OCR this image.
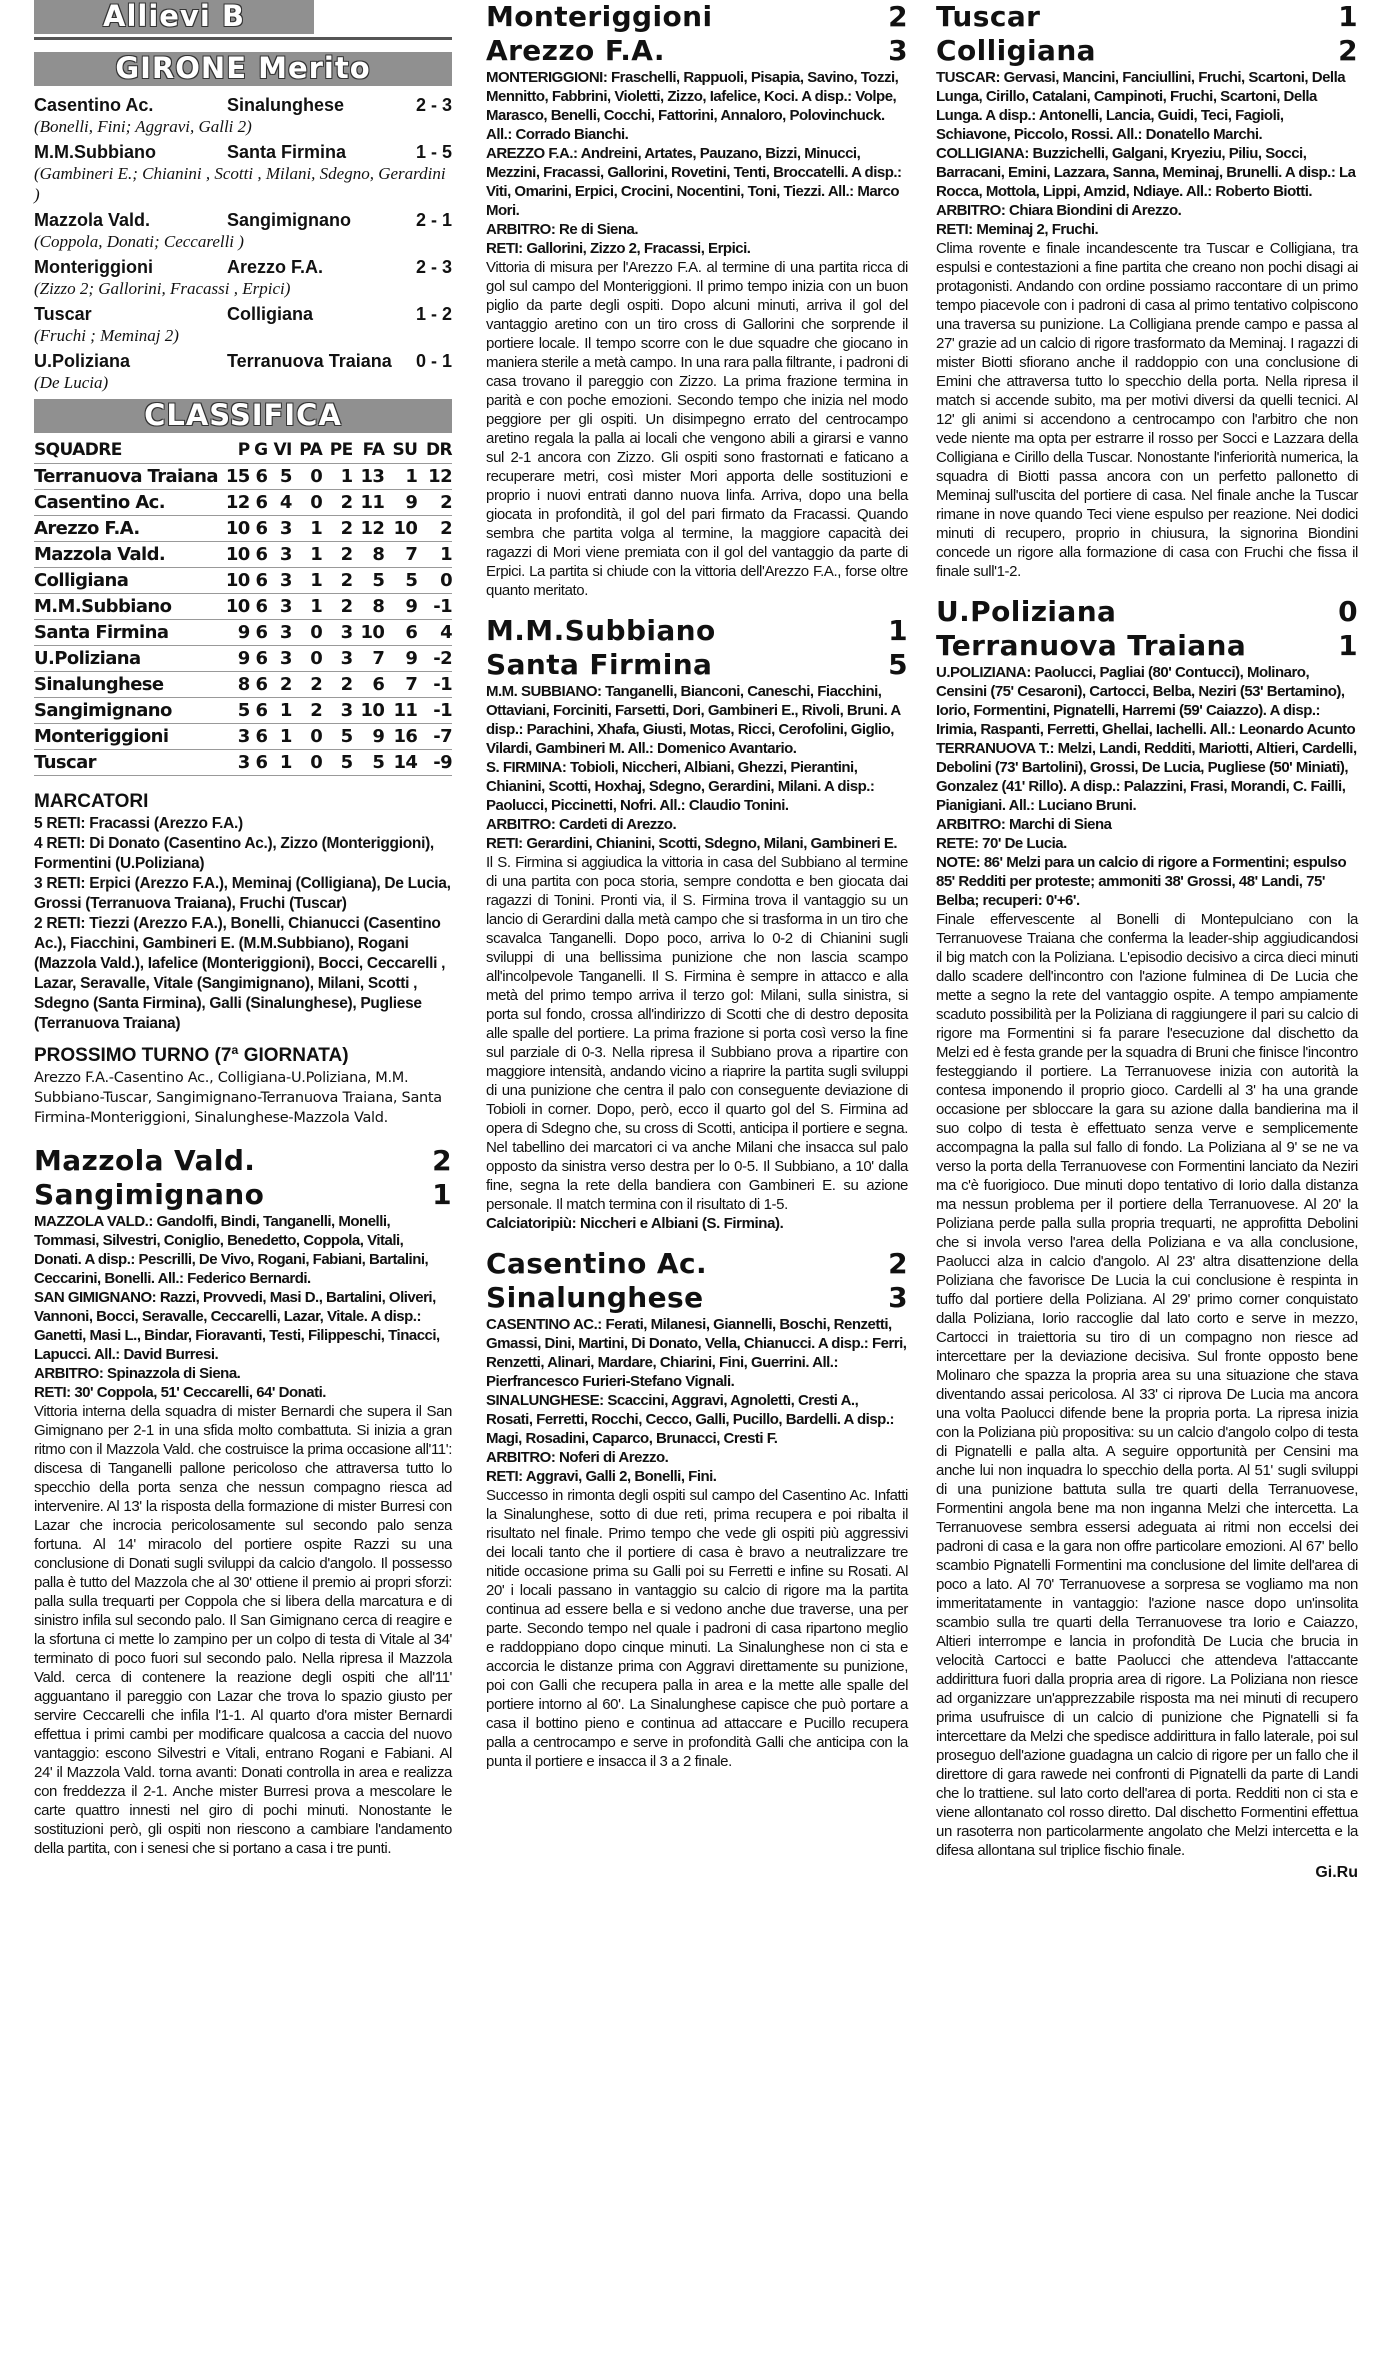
Allievi B
GIRONE Merito
Casentino Ac.	Sinalunghese	2 - 3
(Bonelli, Fini; Aggravi, Galli 2)
M.M.Subbiano	Santa Firmina	1 - 5
(Gambineri E.; Chianini , Scotti , Milani, Sdegno, Gerardini )
Mazzola Vald.	Sangimignano	2 - 1
(Coppola, Donati; Ceccarelli )
Monteriggioni	Arezzo F.A.	2 - 3
(Zizzo 2; Gallorini, Fracassi , Erpici)
Tuscar	Colligiana	1 - 2
(Fruchi ; Meminaj 2)
U.Poliziana	Terranuova Traiana	0 - 1
(De Lucia)
CLASSIFICA
SQUADRE	P	G	VI	PA	PE	FA	SU	DR
Terranuova Traiana	15	6	5	0	1	13	1	12
Casentino Ac.	12	6	4	0	2	11	9	2
Arezzo F.A.	10	6	3	1	2	12	10	2
Mazzola Vald.	10	6	3	1	2	8	7	1
Colligiana	10	6	3	1	2	5	5	0
M.M.Subbiano	10	6	3	1	2	8	9	-1
Santa Firmina	9	6	3	0	3	10	6	4
U.Poliziana	9	6	3	0	3	7	9	-2
Sinalunghese	8	6	2	2	2	6	7	-1
Sangimignano	5	6	1	2	3	10	11	-1
Monteriggioni	3	6	1	0	5	9	16	-7
Tuscar	3	6	1	0	5	5	14	-9
MARCATORI
5 RETI: Fracassi (Arezzo F.A.)
4 RETI: Di Donato (Casentino Ac.), Zizzo (Monteriggioni), Formentini (U.Poliziana)
3 RETI: Erpici (Arezzo F.A.), Meminaj (Colligiana), De Lucia, Grossi (Terranuova Traiana), Fruchi (Tuscar)
2 RETI: Tiezzi (Arezzo F.A.), Bonelli, Chianucci (Casentino Ac.), Fiacchini, Gambineri E. (M.M.Subbiano), Rogani (Mazzola Vald.), Iafelice (Monteriggioni), Bocci, Ceccarelli , Lazar, Seravalle, Vitale (Sangimignano), Milani, Scotti , Sdegno (Santa Firmina), Galli (Sinalunghese), Pugliese (Terranuova Traiana)
PROSSIMO TURNO (7ª GIORNATA)
Arezzo F.A.-Casentino Ac., Colligiana-U.Poliziana, M.M. Subbiano-Tuscar, Sangimignano-Terranuova Traiana, Santa Firmina-Monteriggioni, Sinalunghese-Mazzola Vald.
Mazzola Vald.	2
Sangimignano	1
MAZZOLA VALD.: Gandolfi, Bindi, Tanganelli, Monelli, Tommasi, Silvestri, Coniglio, Benedetto, Coppola, Vitali, Donati. A disp.: Pescrilli, De Vivo, Rogani, Fabiani, Bartalini, Ceccarini, Bonelli. All.: Federico Bernardi.
SAN GIMIGNANO: Razzi, Provvedi, Masi D., Bartalini, Oliveri, Vannoni, Bocci, Seravalle, Ceccarelli, Lazar, Vitale. A disp.: Ganetti, Masi L., Bindar, Fioravanti, Testi, Filippeschi, Tinacci, Lapucci. All.: David Burresi.
ARBITRO: Spinazzola di Siena.
RETI: 30' Coppola, 51' Ceccarelli, 64' Donati.
Vittoria interna della squadra di mister Bernardi che supera il San Gimignano per 2-1 in una sfida molto combattuta. Si inizia a gran ritmo con il Mazzola Vald. che costruisce la prima occasione all'11': discesa di Tanganelli pallone pericoloso che attraversa tutto lo specchio della porta senza che nessun compagno riesca ad intervenire. Al 13' la risposta della formazione di mister Burresi con Lazar che incrocia pericolosamente sul secondo palo senza fortuna. Al 14' miracolo del portiere ospite Razzi su una conclusione di Donati sugli sviluppi da calcio d'angolo. Il possesso palla è tutto del Mazzola che al 30' ottiene il premio ai propri sforzi: palla sulla trequarti per Coppola che si libera della marcatura e di sinistro infila sul secondo palo. Il San Gimignano cerca di reagire e la sfortuna ci mette lo zampino per un colpo di testa di Vitale al 34' terminato di poco fuori sul secondo palo. Nella ripresa il Mazzola Vald. cerca di contenere la reazione degli ospiti che all'11' agguantano il pareggio con Lazar che trova lo spazio giusto per servire Ceccarelli che infila l'1-1. Al quarto d'ora mister Bernardi effettua i primi cambi per modificare qualcosa a caccia del nuovo vantaggio: escono Silvestri e Vitali, entrano Rogani e Fabiani. Al 24' il Mazzola Vald. torna avanti: Donati controlla in area e realizza con freddezza il 2-1. Anche mister Burresi prova a mescolare le carte quattro innesti nel giro di pochi minuti. Nonostante le sostituzioni però, gli ospiti non riescono a cambiare l'andamento della partita, con i senesi che si portano a casa i tre punti.
Monteriggioni	2
Arezzo F.A.	3
MONTERIGGIONI: Fraschelli, Rappuoli, Pisapia, Savino, Tozzi, Mennitto, Fabbrini, Violetti, Zizzo, Iafelice, Koci. A disp.: Volpe, Marasco, Benelli, Cocchi, Fattorini, Annaloro, Polovinchuck. All.: Corrado Bianchi.
AREZZO F.A.: Andreini, Artates, Pauzano, Bizzi, Minucci, Mezzini, Fracassi, Gallorini, Rovetini, Tenti, Broccatelli. A disp.: Viti, Omarini, Erpici, Crocini, Nocentini, Toni, Tiezzi. All.: Marco Mori.
ARBITRO: Re di Siena.
RETI: Gallorini, Zizzo 2, Fracassi, Erpici.
Vittoria di misura per l'Arezzo F.A. al termine di una partita ricca di gol sul campo del Monteriggioni. Il primo tempo inizia con un buon piglio da parte degli ospiti. Dopo alcuni minuti, arriva il gol del vantaggio aretino con un tiro cross di Gallorini che sorprende il portiere locale. Il tempo scorre con le due squadre che giocano in maniera sterile a metà campo. In una rara palla filtrante, i padroni di casa trovano il pareggio con Zizzo. La prima frazione termina in parità e con poche emozioni. Secondo tempo che inizia nel modo peggiore per gli ospiti. Un disimpegno errato del centrocampo aretino regala la palla ai locali che vengono abili a girarsi e vanno sul 2-1 ancora con Zizzo. Gli ospiti sono frastornati e faticano a recuperare metri, così mister Mori apporta delle sostituzioni e proprio i nuovi entrati danno nuova linfa. Arriva, dopo una bella giocata in profondità, il gol del pari firmato da Fracassi. Quando sembra che partita volga al termine, la maggiore capacità dei ragazzi di Mori viene premiata con il gol del vantaggio da parte di Erpici. La partita si chiude con la vittoria dell'Arezzo F.A., forse oltre quanto meritato.
M.M.Subbiano	1
Santa Firmina	5
M.M. SUBBIANO: Tanganelli, Bianconi, Caneschi, Fiacchini, Ottaviani, Forciniti, Farsetti, Dori, Gambineri E., Rivoli, Bruni. A disp.: Parachini, Xhafa, Giusti, Motas, Ricci, Cerofolini, Giglio, Vilardi, Gambineri M. All.: Domenico Avantario.
S. FIRMINA: Tobioli, Niccheri, Albiani, Ghezzi, Pierantini, Chianini, Scotti, Hoxhaj, Sdegno, Gerardini, Milani. A disp.: Paolucci, Piccinetti, Nofri. All.: Claudio Tonini.
ARBITRO: Cardeti di Arezzo.
RETI: Gerardini, Chianini, Scotti, Sdegno, Milani, Gambineri E.
Il S. Firmina si aggiudica la vittoria in casa del Subbiano al termine di una partita con poca storia, sempre condotta e ben giocata dai ragazzi di Tonini. Pronti via, il S. Firmina trova il vantaggio su un lancio di Gerardini dalla metà campo che si trasforma in un tiro che scavalca Tanganelli. Dopo poco, arriva lo 0-2 di Chianini sugli sviluppi di una bellissima punizione che non lascia scampo all'incolpevole Tanganelli. Il S. Firmina è sempre in attacco e alla metà del primo tempo arriva il terzo gol: Milani, sulla sinistra, si porta sul fondo, crossa all'indirizzo di Scotti che di destro deposita alle spalle del portiere. La prima frazione si porta così verso la fine sul parziale di 0-3. Nella ripresa il Subbiano prova a ripartire con maggiore intensità, andando vicino a riaprire la partita sugli sviluppi di una punizione che centra il palo con conseguente deviazione di Tobioli in corner. Dopo, però, ecco il quarto gol del S. Firmina ad opera di Sdegno che, su cross di Scotti, anticipa il portiere e segna. Nel tabellino dei marcatori ci va anche Milani che insacca sul palo opposto da sinistra verso destra per lo 0-5. Il Subbiano, a 10' dalla fine, segna la rete della bandiera con Gambineri E. su azione personale. Il match termina con il risultato di 1-5.
Calciatoripiù: Niccheri e Albiani (S. Firmina).
Casentino Ac.	2
Sinalunghese	3
CASENTINO AC.: Ferati, Milanesi, Giannelli, Boschi, Renzetti, Gmassi, Dini, Martini, Di Donato, Vella, Chianucci. A disp.: Ferri, Renzetti, Alinari, Mardare, Chiarini, Fini, Guerrini. All.: Pierfrancesco Furieri-Stefano Vignali.
SINALUNGHESE: Scaccini, Aggravi, Agnoletti, Cresti A., Rosati, Ferretti, Rocchi, Cecco, Galli, Pucillo, Bardelli. A disp.: Magi, Rosadini, Caparco, Brunacci, Cresti F.
ARBITRO: Noferi di Arezzo.
RETI: Aggravi, Galli 2, Bonelli, Fini.
Successo in rimonta degli ospiti sul campo del Casentino Ac. Infatti la Sinalunghese, sotto di due reti, prima recupera e poi ribalta il risultato nel finale. Primo tempo che vede gli ospiti più aggressivi dei locali tanto che il portiere di casa è bravo a neutralizzare tre nitide occasione prima su Galli poi su Ferretti e infine su Rosati. Al 20' i locali passano in vantaggio su calcio di rigore ma la partita continua ad essere bella e si vedono anche due traverse, una per parte. Secondo tempo nel quale i padroni di casa ripartono meglio e raddoppiano dopo cinque minuti. La Sinalunghese non ci sta e accorcia le distanze prima con Aggravi direttamente su punizione, poi con Galli che recupera palla in area e la mette alle spalle del portiere intorno al 60'. La Sinalunghese capisce che può portare a casa il bottino pieno e continua ad attaccare e Pucillo recupera palla a centrocampo e serve in profondità Galli che anticipa con la punta il portiere e insacca il 3 a 2 finale.
Tuscar	1
Colligiana	2
TUSCAR: Gervasi, Mancini, Fanciullini, Fruchi, Scartoni, Della Lunga, Cirillo, Catalani, Campinoti, Fruchi, Scartoni, Della Lunga. A disp.: Antonelli, Lancia, Guidi, Teci, Fagioli, Schiavone, Piccolo, Rossi. All.: Donatello Marchi.
COLLIGIANA: Buzzichelli, Galgani, Kryeziu, Piliu, Socci, Barracani, Emini, Lazzara, Sanna, Meminaj, Brunelli. A disp.: La Rocca, Mottola, Lippi, Amzid, Ndiaye. All.: Roberto Biotti.
ARBITRO: Chiara Biondini di Arezzo.
RETI: Meminaj 2, Fruchi.
Clima rovente e finale incandescente tra Tuscar e Colligiana, tra espulsi e contestazioni a fine partita che creano non pochi disagi ai protagonisti. Andando con ordine possiamo raccontare di un primo tempo piacevole con i padroni di casa al primo tentativo colpiscono una traversa su punizione. La Colligiana prende campo e passa al 27' grazie ad un calcio di rigore trasformato da Meminaj. I ragazzi di mister Biotti sfiorano anche il raddoppio con una conclusione di Emini che attraversa tutto lo specchio della porta. Nella ripresa il match si accende subito, ma per motivi diversi da quelli tecnici. Al 12' gli animi si accendono a centrocampo con l'arbitro che non vede niente ma opta per estrarre il rosso per Socci e Lazzara della Colligiana e Cirillo della Tuscar. Nonostante l'inferiorità numerica, la squadra di Biotti passa ancora con un perfetto pallonetto di Meminaj sull'uscita del portiere di casa. Nel finale anche la Tuscar rimane in nove quando Teci viene espulso per reazione. Nei dodici minuti di recupero, proprio in chiusura, la signorina Biondini concede un rigore alla formazione di casa con Fruchi che fissa il finale sull'1-2.
U.Poliziana	0
Terranuova Traiana	1
U.POLIZIANA: Paolucci, Pagliai (80' Contucci), Molinaro, Censini (75' Cesaroni), Cartocci, Belba, Neziri (53' Bertamino), Iorio, Formentini, Pignatelli, Harremi (59' Caiazzo). A disp.: Irimia, Raspanti, Ferretti, Ghellai, Iachelli. All.: Leonardo Acunto
TERRANUOVA T.: Melzi, Landi, Redditi, Mariotti, Altieri, Cardelli, Debolini (73' Bartolini), Grossi, De Lucia, Pugliese (50' Miniati), Gonzalez (41' Rillo). A disp.: Palazzini, Frasi, Morandi, C. Failli, Pianigiani. All.: Luciano Bruni.
ARBITRO: Marchi di Siena
RETE: 70' De Lucia.
NOTE: 86' Melzi para un calcio di rigore a Formentini; espulso 85' Redditi per proteste; ammoniti 38' Grossi, 48' Landi, 75' Belba; recuperi: 0'+6'.
Finale effervescente al Bonelli di Montepulciano con la Terranuovese Traiana che conferma la leader-ship aggiudicandosi il big match con la Poliziana. L'episodio decisivo a circa dieci minuti dallo scadere dell'incontro con l'azione fulminea di De Lucia che mette a segno la rete del vantaggio ospite. A tempo ampiamente scaduto possibilità per la Poliziana di raggiungere il pari su calcio di rigore ma Formentini si fa parare l'esecuzione dal dischetto da Melzi ed è festa grande per la squadra di Bruni che finisce l'incontro festeggiando il portiere. La Terranuovese inizia con autorità la contesa imponendo il proprio gioco. Cardelli al 3' ha una grande occasione per sbloccare la gara su azione dalla bandierina ma il suo colpo di testa è effettuato senza verve e semplicemente accompagna la palla sul fallo di fondo. La Poliziana al 9' se ne va verso la porta della Terranuovese con Formentini lanciato da Neziri ma c'è fuorigioco. Due minuti dopo tentativo di Iorio dalla distanza ma nessun problema per il portiere della Terranuovese. Al 20' la Poliziana perde palla sulla propria trequarti, ne approfitta Debolini che si invola verso l'area della Poliziana e va alla conclusione, Paolucci alza in calcio d'angolo. Al 23' altra disattenzione della Poliziana che favorisce De Lucia la cui conclusione è respinta in tuffo dal portiere della Poliziana. Al 29' primo corner conquistato dalla Poliziana, Iorio raccoglie dal lato corto e serve in mezzo, Cartocci in traiettoria su tiro di un compagno non riesce ad intercettare per la deviazione decisiva. Sul fronte opposto bene Molinaro che spazza la propria area su una situazione che stava diventando assai pericolosa. Al 33' ci riprova De Lucia ma ancora una volta Paolucci difende bene la propria porta. La ripresa inizia con la Poliziana più propositiva: su un calcio d'angolo colpo di testa di Pignatelli e palla alta. A seguire opportunità per Censini ma anche lui non inquadra lo specchio della porta. Al 51' sugli sviluppi di una punizione battuta sulla tre quarti della Terranuovese, Formentini angola bene ma non inganna Melzi che intercetta. La Terranuovese sembra essersi adeguata ai ritmi non eccelsi dei padroni di casa e la gara non offre particolare emozioni. Al 67' bello scambio Pignatelli Formentini ma conclusione del limite dell'area di poco a lato. Al 70' Terranuovese a sorpresa se vogliamo ma non immeritatamente in vantaggio: l'azione nasce dopo un'insolita scambio sulla tre quarti della Terranuovese tra Iorio e Caiazzo, Altieri interrompe e lancia in profondità De Lucia che brucia in velocità Cartocci e batte Paolucci che attendeva l'attaccante addirittura fuori dalla propria area di rigore. La Poliziana non riesce ad organizzare un'apprezzabile risposta ma nei minuti di recupero prima usufruisce di un calcio di punizione che Pignatelli si fa intercettare da Melzi che spedisce addirittura in fallo laterale, poi sul proseguo dell'azione guadagna un calcio di rigore per un fallo che il direttore di gara rawede nei confronti di Pignatelli da parte di Landi che lo trattiene. sul lato corto dell'area di porta. Redditi non ci sta e viene allontanato col rosso diretto. Dal dischetto Formentini effettua un rasoterra non particolarmente angolato che Melzi intercetta e la difesa allontana sul triplice fischio finale.
Gi.Ru
